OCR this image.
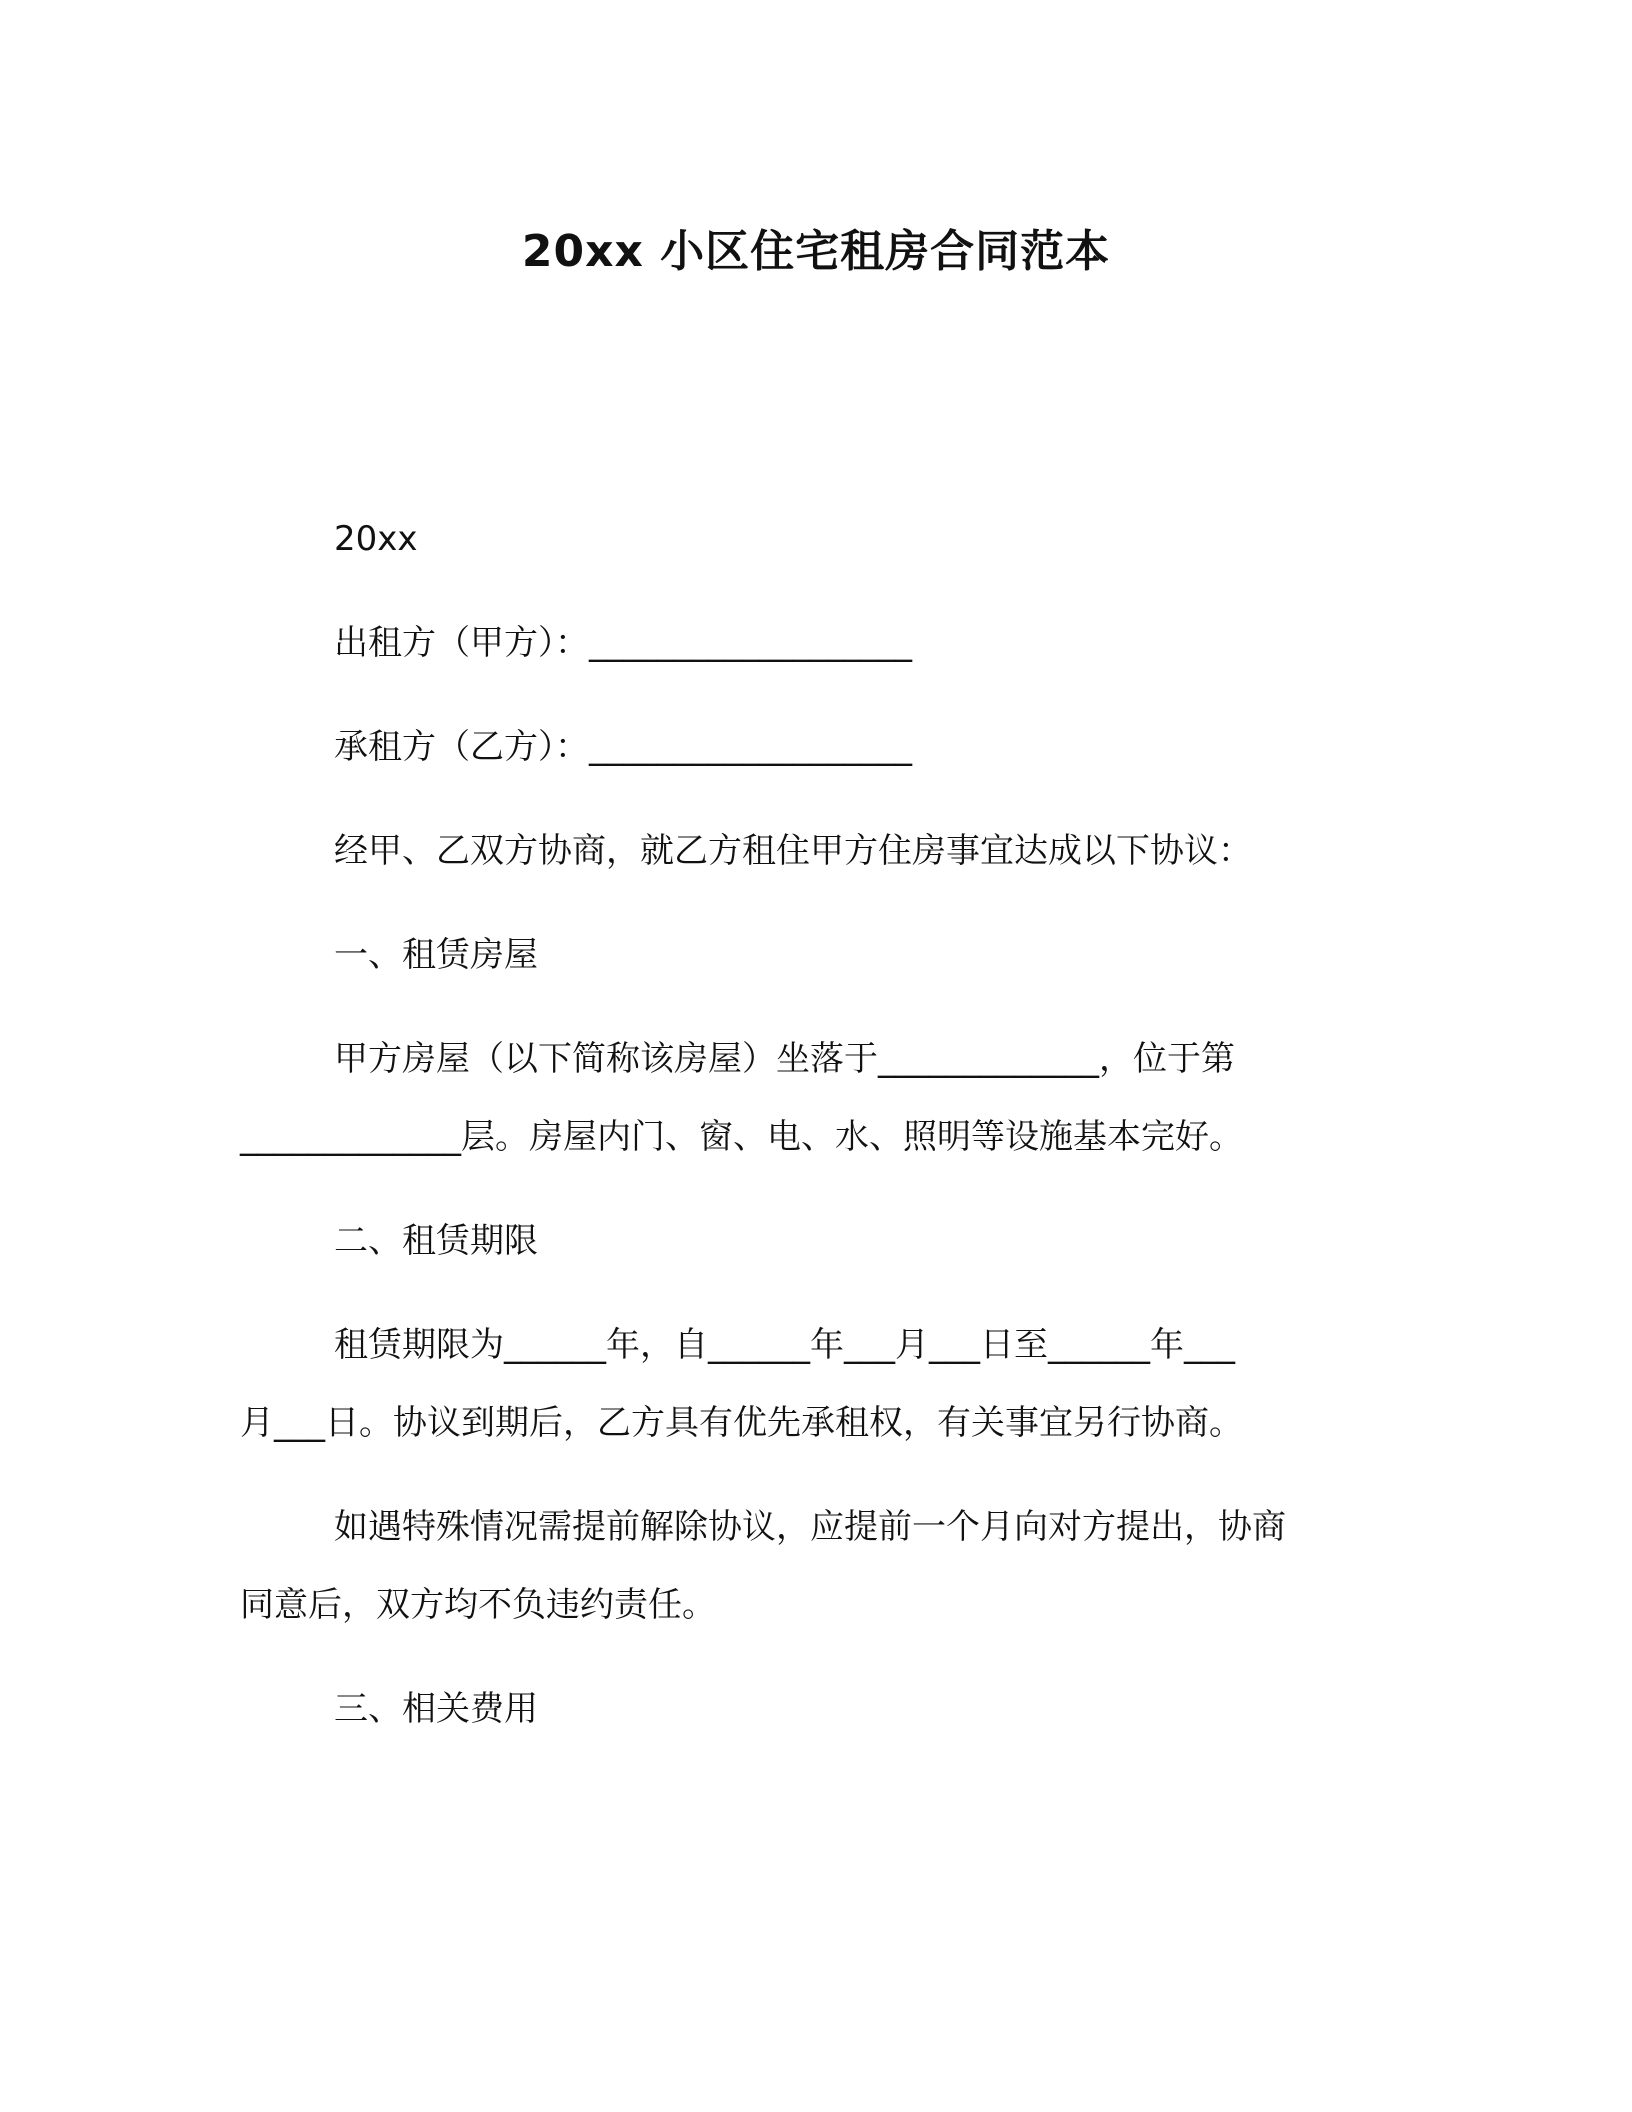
20xx 小区住宅租房合同范本

20xx

出租方（甲方）：___________________

承租方（乙方）：___________________

经甲、乙双方协商，就乙方租住甲方住房事宜达成以下协议：

一、租赁房屋

甲方房屋（以下简称该房屋）坐落于_____________，位于第

_____________层。房屋内门、窗、电、水、照明等设施基本完好。

二、租赁期限

租赁期限为______年，自______年___月___日至______年___

月___日。协议到期后，乙方具有优先承租权，有关事宜另行协商。

如遇特殊情况需提前解除协议，应提前一个月向对方提出，协商

同意后，双方均不负违约责任。

三、相关费用
